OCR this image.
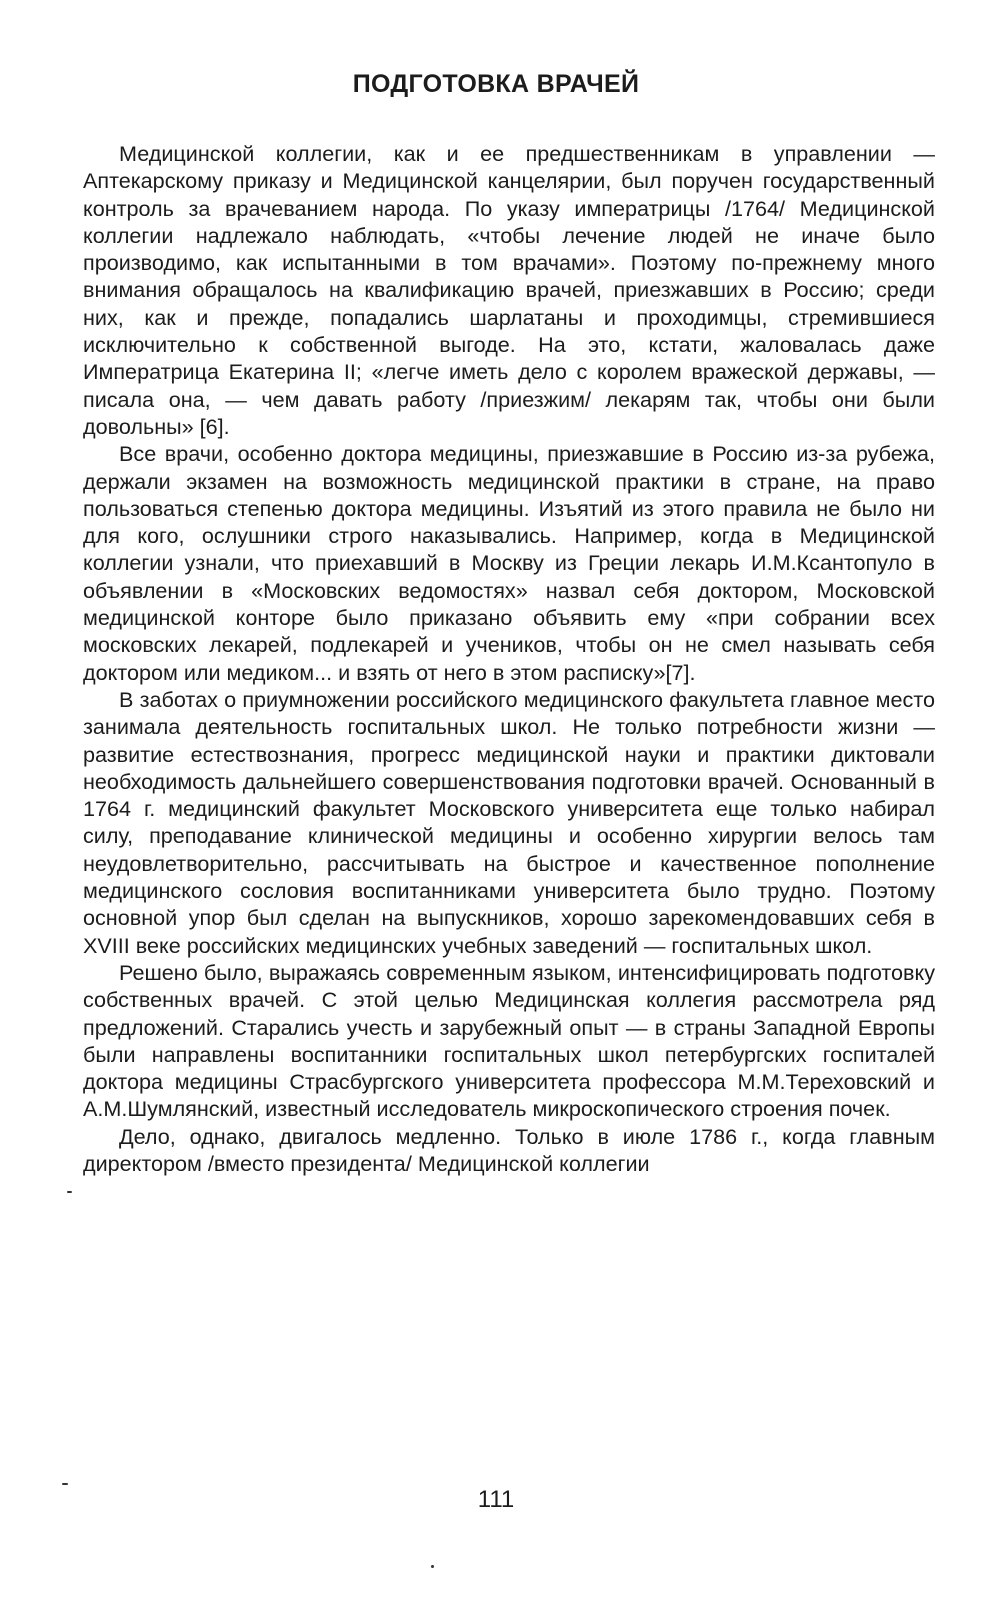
ПОДГОТОВКА ВРАЧЕЙ

Медицинской коллегии, как и ее предшественникам в управлении — Аптекарскому приказу и Медицинской канцелярии, был поручен государственный контроль за врачеванием народа. По указу императрицы /1764/ Медицинской коллегии надлежало наблюдать, «чтобы лечение людей не иначе было производимо, как испытанными в том врачами». Поэтому по-прежнему много внимания обращалось на квалификацию врачей, приезжавших в Россию; среди них, как и прежде, попадались шарлатаны и проходимцы, стремившиеся исключительно к собственной выгоде. На это, кстати, жаловалась даже Императрица Екатерина II; «легче иметь дело с королем вражеской державы, — писала она, — чем давать работу /приезжим/ лекарям так, чтобы они были довольны» [6].

Все врачи, особенно доктора медицины, приезжавшие в Россию из-за рубежа, держали экзамен на возможность медицинской практики в стране, на право пользоваться степенью доктора медицины. Изъятий из этого правила не было ни для кого, ослушники строго наказывались. Например, когда в Медицинской коллегии узнали, что приехавший в Москву из Греции лекарь И.М.Ксантопуло в объявлении в «Московских ведомостях» назвал себя доктором, Московской медицинской конторе было приказано объявить ему «при собрании всех московских лекарей, подлекарей и учеников, чтобы он не смел называть себя доктором или медиком... и взять от него в этом расписку»[7].

В заботах о приумножении российского медицинского факультета главное место занимала деятельность госпитальных школ. Не только потребности жизни — развитие естествознания, прогресс медицинской науки и практики диктовали необходимость дальнейшего совершенствования подготовки врачей. Основанный в 1764 г. медицинский факультет Московского университета еще только набирал силу, преподавание клинической медицины и особенно хирургии велось там неудовлетворительно, рассчитывать на быстрое и качественное пополнение медицинского сословия воспитанниками университета было трудно. Поэтому основной упор был сделан на выпускников, хорошо зарекомендовавших себя в XVIII веке российских медицинских учебных заведений — госпитальных школ.

Решено было, выражаясь современным языком, интенсифицировать подготовку собственных врачей. С этой целью Медицинская коллегия рассмотрела ряд предложений. Старались учесть и зарубежный опыт — в страны Западной Европы были направлены воспитанники госпитальных школ петербургских госпиталей доктора медицины Страсбургского университета профессора М.М.Тереховский и А.М.Шумлянский, известный исследователь микроскопического строения почек.

Дело, однако, двигалось медленно. Только в июле 1786 г., когда главным директором /вместо президента/ Медицинской коллегии

111
